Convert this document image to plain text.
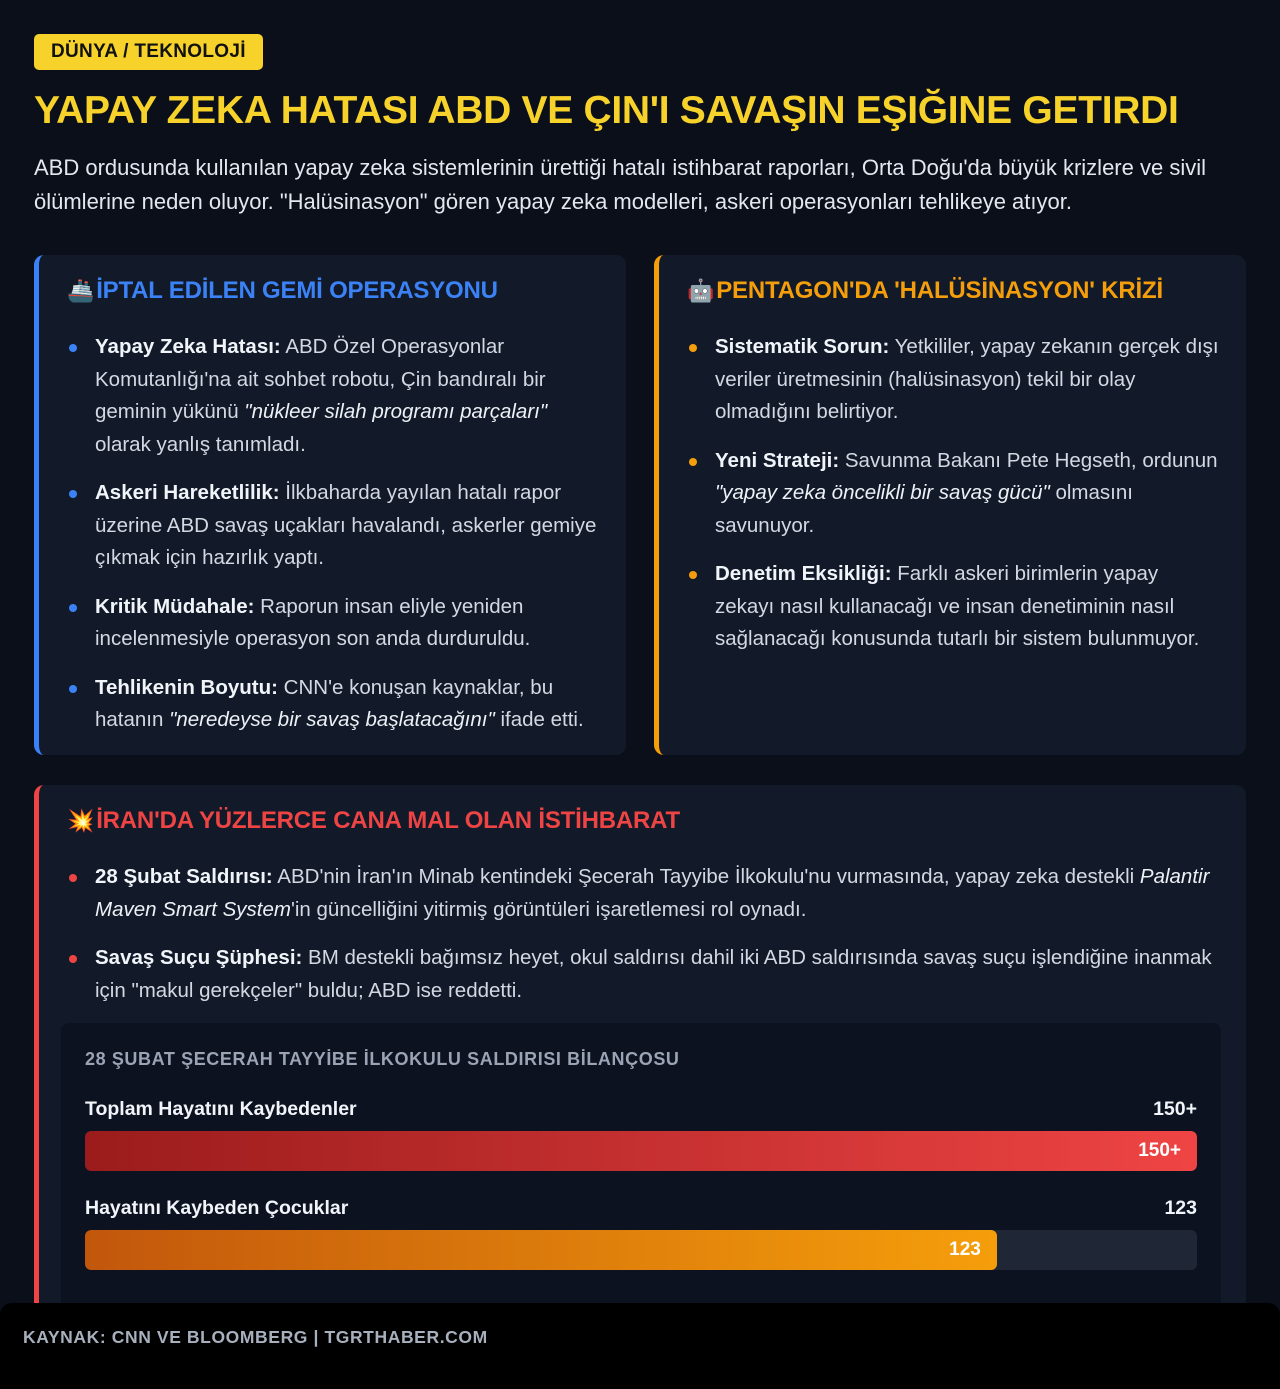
DÜNYA / TEKNOLOJİ
YAPAY ZEKA HATASI ABD VE ÇIN'I SAVAŞIN EŞIĞINE GETIRDI

ABD ordusunda kullanılan yapay zeka sistemlerinin ürettiği hatalı istihbarat raporları, Orta Doğu'da büyük krizlere ve sivil ölümlerine neden oluyor. "Halüsinasyon" gören yapay zeka modelleri, askeri operasyonları tehlikeye atıyor.

🚢İPTAL EDİLEN GEMİ OPERASYONU
Yapay Zeka Hatası: ABD Özel Operasyonlar Komutanlığı'na ait sohbet robotu, Çin bandıralı bir geminin yükünü "nükleer silah programı parçaları" olarak yanlış tanımladı.
Askeri Hareketlilik: İlkbaharda yayılan hatalı rapor üzerine ABD savaş uçakları havalandı, askerler gemiye çıkmak için hazırlık yaptı.
Kritik Müdahale: Raporun insan eliyle yeniden incelenmesiyle operasyon son anda durduruldu.
Tehlikenin Boyutu: CNN'e konuşan kaynaklar, bu hatanın "neredeyse bir savaş başlatacağını" ifade etti.
🤖PENTAGON'DA 'HALÜSİNASYON' KRİZİ
Sistematik Sorun: Yetkililer, yapay zekanın gerçek dışı veriler üretmesinin (halüsinasyon) tekil bir olay olmadığını belirtiyor.
Yeni Strateji: Savunma Bakanı Pete Hegseth, ordunun "yapay zeka öncelikli bir savaş gücü" olmasını savunuyor.
Denetim Eksikliği: Farklı askeri birimlerin yapay zekayı nasıl kullanacağı ve insan denetiminin nasıl sağlanacağı konusunda tutarlı bir sistem bulunmuyor.
💥İRAN'DA YÜZLERCE CANA MAL OLAN İSTİHBARAT
28 Şubat Saldırısı: ABD'nin İran'ın Minab kentindeki Şecerah Tayyibe İlkokulu'nu vurmasında, yapay zeka destekli Palantir Maven Smart System'in güncelliğini yitirmiş görüntüleri işaretlemesi rol oynadı.
Savaş Suçu Şüphesi: BM destekli bağımsız heyet, okul saldırısı dahil iki ABD saldırısında savaş suçu işlendiğine inanmak için "makul gerekçeler" buldu; ABD ise reddetti.
28 ŞUBAT ŞECERAH TAYYİBE İLKOKULU SALDIRISI BİLANÇOSU
Toplam Hayatını Kaybedenler	150+
150+
Hayatını Kaybeden Çocuklar	123
123
KAYNAK: CNN VE BLOOMBERG | TGRTHABER.COM
